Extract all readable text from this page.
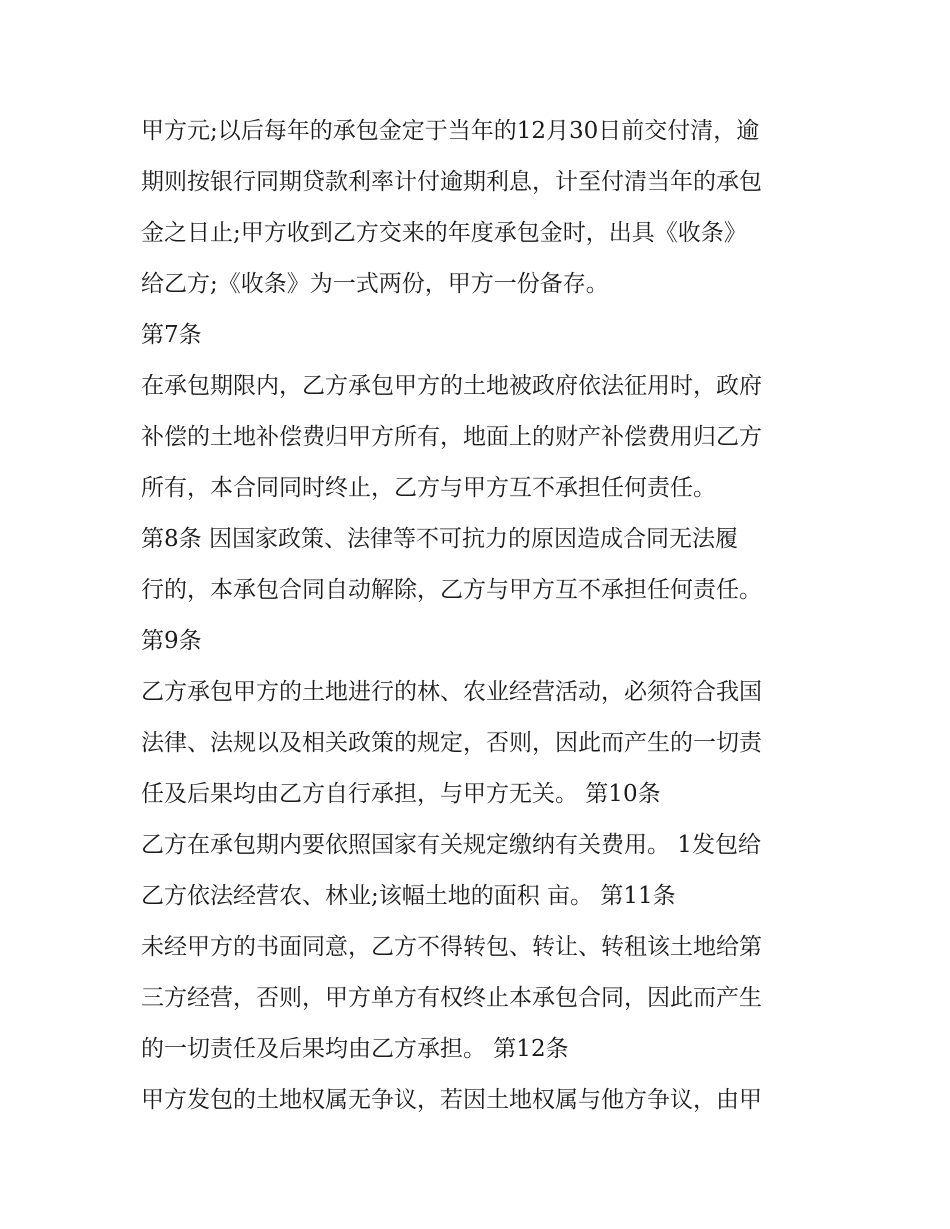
甲方元;以后每年的承包金定于当年的12月30日前交付清，逾
期则按银行同期贷款利率计付逾期利息，计至付清当年的承包
金之日止;甲方收到乙方交来的年度承包金时，出具《收条》
给乙方;《收条》为一式两份，甲方一份备存。
第7条
在承包期限内，乙方承包甲方的土地被政府依法征用时，政府
补偿的土地补偿费归甲方所有，地面上的财产补偿费用归乙方
所有，本合同同时终止，乙方与甲方互不承担任何责任。
第8条 因国家政策、法律等不可抗力的原因造成合同无法履
行的，本承包合同自动解除，乙方与甲方互不承担任何责任。
第9条
乙方承包甲方的土地进行的林、农业经营活动，必须符合我国
法律、法规以及相关政策的规定，否则，因此而产生的一切责
任及后果均由乙方自行承担，与甲方无关。 第10条
乙方在承包期内要依照国家有关规定缴纳有关费用。 1发包给
乙方依法经营农、林业;该幅土地的面积 亩。 第11条
未经甲方的书面同意，乙方不得转包、转让、转租该土地给第
三方经营，否则，甲方单方有权终止本承包合同，因此而产生
的一切责任及后果均由乙方承担。 第12条
甲方发包的土地权属无争议，若因土地权属与他方争议，由甲
